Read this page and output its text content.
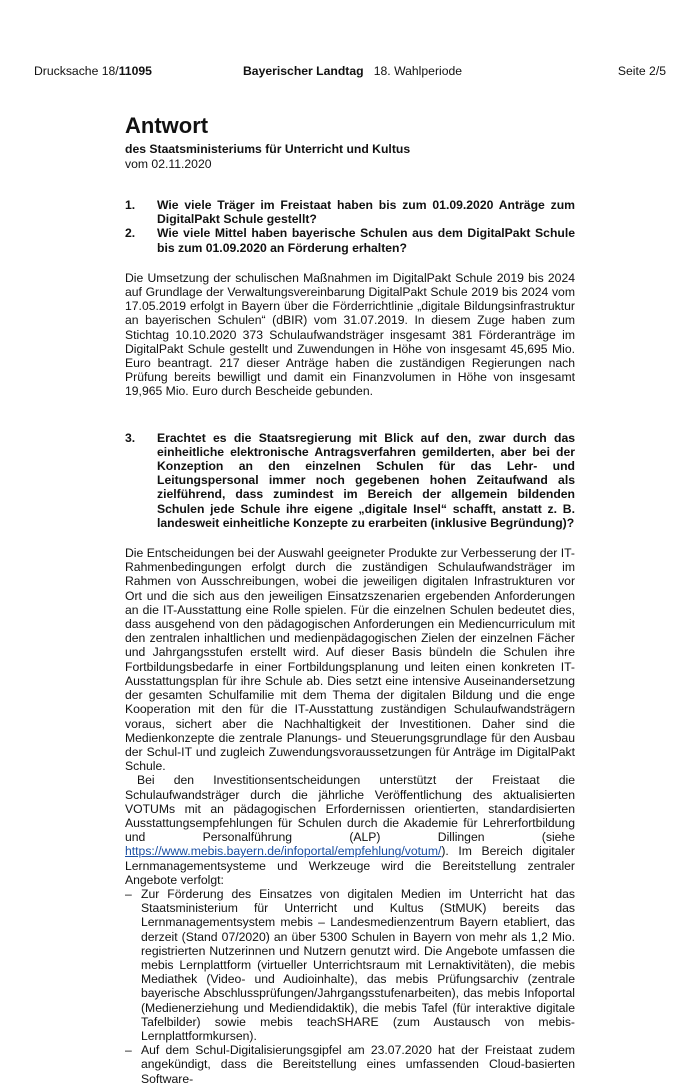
Drucksache 18/11095	Bayerischer Landtag 18. Wahlperiode	Seite 2/5
Antwort
des Staatsministeriums für Unterricht und Kultus
vom 02.11.2020
1. Wie viele Träger im Freistaat haben bis zum 01.09.2020 Anträge zum DigitalPakt Schule gestellt?
2. Wie viele Mittel haben bayerische Schulen aus dem DigitalPakt Schule bis zum 01.09.2020 an Förderung erhalten?

Die Umsetzung der schulischen Maßnahmen im DigitalPakt Schule 2019 bis 2024 auf Grundlage der Verwaltungsvereinbarung DigitalPakt Schule 2019 bis 2024 vom 17.05.2019 erfolgt in Bayern über die Förderrichtlinie „digitale Bildungsinfrastruktur an bayerischen Schulen“ (dBIR) vom 31.07.2019. In diesem Zuge haben zum Stichtag 10.10.2020 373 Schulaufwandsträger insgesamt 381 Förderanträge im DigitalPakt Schule gestellt und Zuwendungen in Höhe von insgesamt 45,695 Mio. Euro beantragt. 217 dieser Anträge haben die zuständigen Regierungen nach Prüfung bereits bewilligt und damit ein Finanzvolumen in Höhe von insgesamt 19,965 Mio. Euro durch Bescheide gebunden.

3. Erachtet es die Staatsregierung mit Blick auf den, zwar durch das einheitliche elektronische Antragsverfahren gemilderten, aber bei der Konzeption an den einzelnen Schulen für das Lehr- und Leitungspersonal immer noch gegebenen hohen Zeitaufwand als zielführend, dass zumindest im Bereich der allgemein bildenden Schulen jede Schule ihre eigene „digitale Insel“ schafft, anstatt z. B. landesweit einheitliche Konzepte zu erarbeiten (inklusive Begründung)?

Die Entscheidungen bei der Auswahl geeigneter Produkte zur Verbesserung der IT-Rahmenbedingungen erfolgt durch die zuständigen Schulaufwandsträger im Rahmen von Ausschreibungen, wobei die jeweiligen digitalen Infrastrukturen vor Ort und die sich aus den jeweiligen Einsatzszenarien ergebenden Anforderungen an die IT-Ausstattung eine Rolle spielen. Für die einzelnen Schulen bedeutet dies, dass ausgehend von den pädagogischen Anforderungen ein Mediencurriculum mit den zentralen inhaltlichen und medienpädagogischen Zielen der einzelnen Fächer und Jahrgangsstufen erstellt wird. Auf dieser Basis bündeln die Schulen ihre Fortbildungsbedarfe in einer Fortbildungsplanung und leiten einen konkreten IT-Ausstattungsplan für ihre Schule ab. Dies setzt eine intensive Auseinandersetzung der gesamten Schulfamilie mit dem Thema der digitalen Bildung und die enge Kooperation mit den für die IT-Ausstattung zuständigen Schulaufwandsträgern voraus, sichert aber die Nachhaltigkeit der Investitionen. Daher sind die Medienkonzepte die zentrale Planungs- und Steuerungsgrundlage für den Ausbau der Schul-IT und zugleich Zuwendungsvoraussetzungen für Anträge im DigitalPakt Schule.

Bei den Investitionsentscheidungen unterstützt der Freistaat die Schulaufwandsträger durch die jährliche Veröffentlichung des aktualisierten VOTUMs mit an pädagogischen Erfordernissen orientierten, standardisierten Ausstattungsempfehlungen für Schulen durch die Akademie für Lehrerfortbildung und Personalführung (ALP) Dillingen (siehe https://www.mebis.bayern.de/infoportal/empfehlung/votum/). Im Bereich digitaler Lernmanagementsysteme und Werkzeuge wird die Bereitstellung zentraler Angebote verfolgt:

– Zur Förderung des Einsatzes von digitalen Medien im Unterricht hat das Staatsministerium für Unterricht und Kultus (StMUK) bereits das Lernmanagementsystem mebis – Landesmedienzentrum Bayern etabliert, das derzeit (Stand 07/2020) an über 5300 Schulen in Bayern von mehr als 1,2 Mio. registrierten Nutzerinnen und Nutzern genutzt wird. Die Angebote umfassen die mebis Lernplattform (virtueller Unterrichtsraum mit Lernaktivitäten), die mebis Mediathek (Video- und Audioinhalte), das mebis Prüfungsarchiv (zentrale bayerische Abschlussprüfungen/Jahrgangsstufenarbeiten), das mebis Infoportal (Medienerziehung und Mediendidaktik), die mebis Tafel (für interaktive digitale Tafelbilder) sowie mebis teachSHARE (zum Austausch von mebis-Lernplattformkursen).
– Auf dem Schul-Digitalisierungsgipfel am 23.07.2020 hat der Freistaat zudem angekündigt, dass die Bereitstellung eines umfassenden Cloud-basierten Software-
